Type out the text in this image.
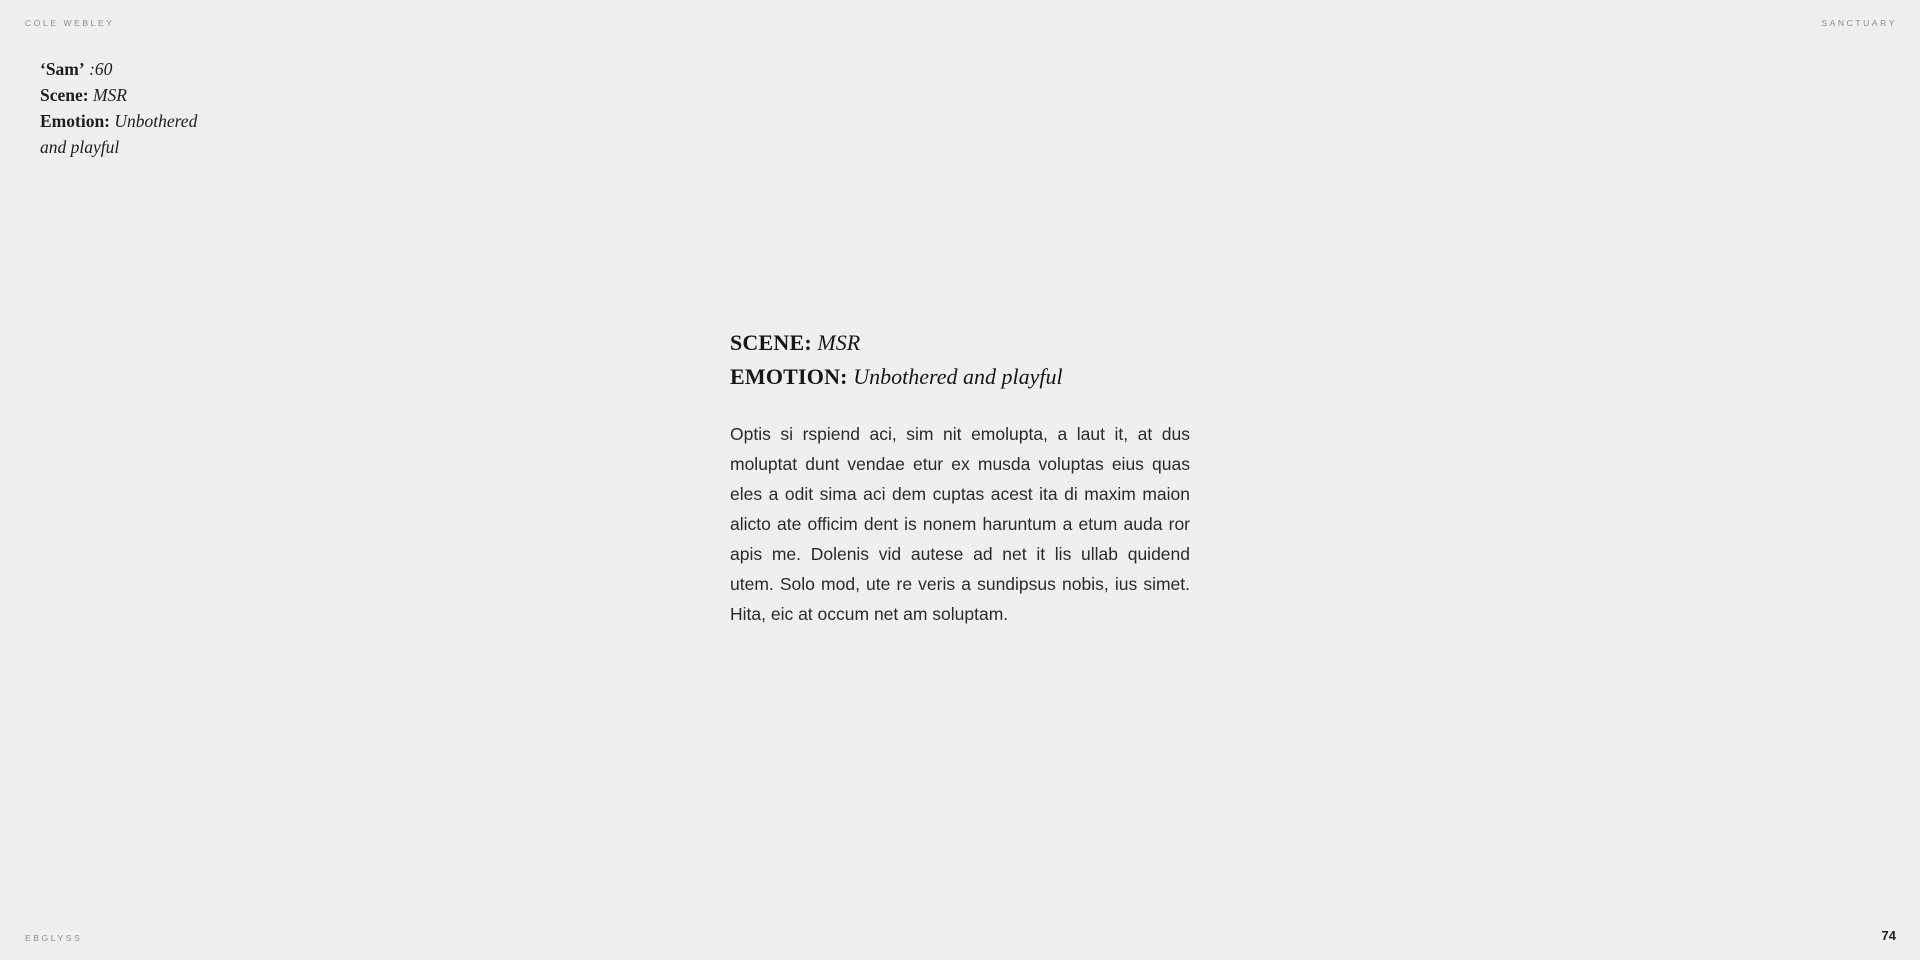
COLE WEBLEY	SANCTUARY
‘Sam’ :60
Scene: MSR
Emotion: Unbothered
and playful
SCENE: MSR
EMOTION: Unbothered and playful

Optis si rspiend aci, sim nit emolupta, a laut it, at dus moluptat dunt vendae etur ex musda voluptas eius quas eles a odit sima aci dem cuptas acest ita di maxim maion alicto ate officim dent is nonem haruntum a etum auda ror apis me. Dolenis vid autese ad net it lis ullab quidend utem. Solo mod, ute re veris a sundipsus nobis, ius simet. Hita, eic at occum net am soluptam.

EBGLYSS	74
